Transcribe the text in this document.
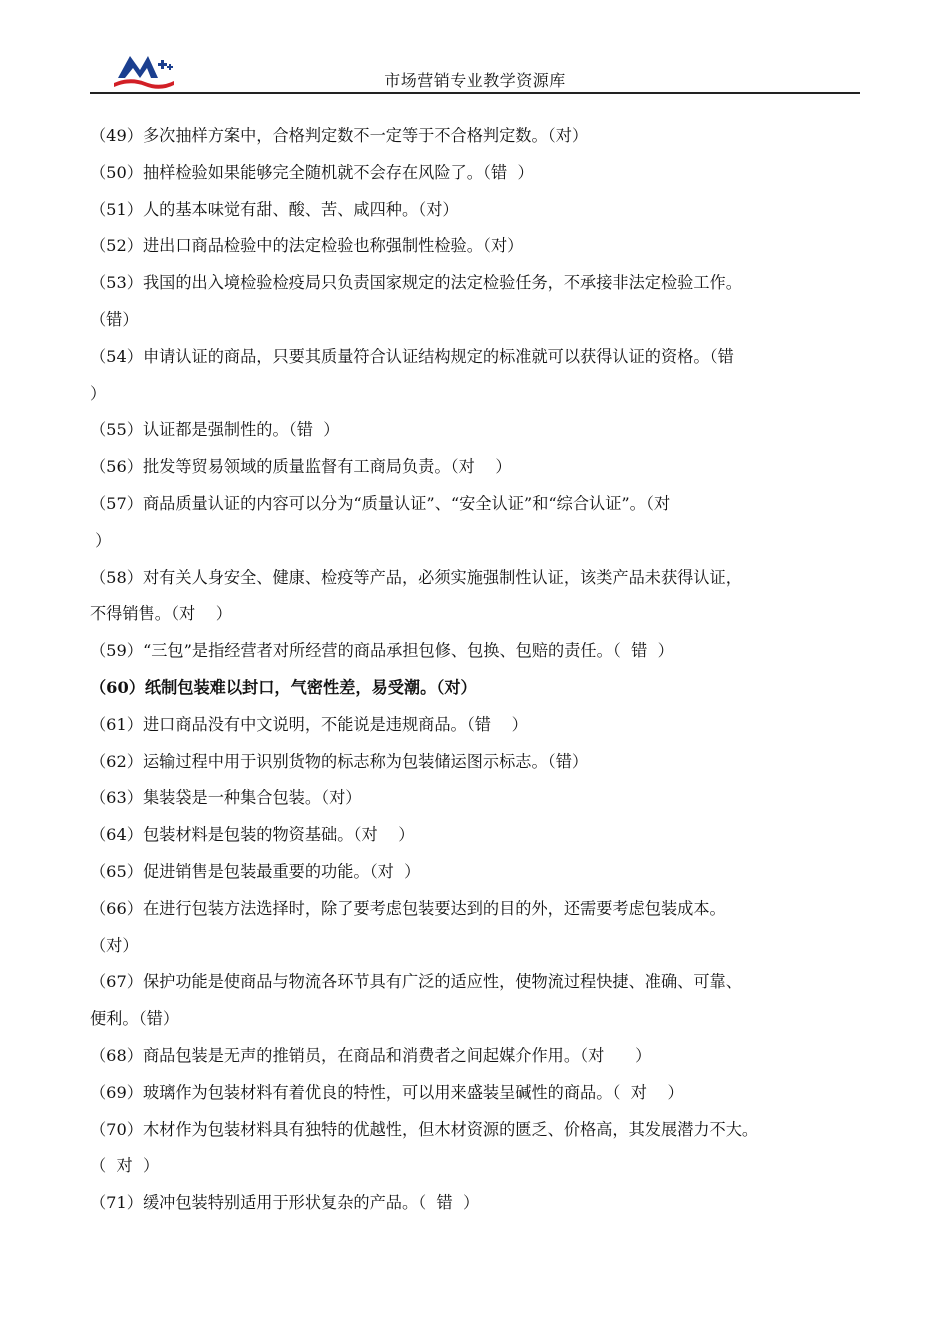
市场营销专业教学资源库
（49）多次抽样方案中，合格判定数不一定等于不合格判定数。（对）
（50）抽样检验如果能够完全随机就不会存在风险了。（错  ）
（51）人的基本味觉有甜、酸、苦、咸四种。（对）
（52）进出口商品检验中的法定检验也称强制性检验。（对）
（53）我国的出入境检验检疫局只负责国家规定的法定检验任务，不承接非法定检验工作。
（错）
（54）申请认证的商品，只要其质量符合认证结构规定的标准就可以获得认证的资格。（错
）
（55）认证都是强制性的。（错  ）
（56）批发等贸易领域的质量监督有工商局负责。（对    ）
（57）商品质量认证的内容可以分为“质量认证”、“安全认证”和“综合认证”。（对
）
（58）对有关人身安全、健康、检疫等产品，必须实施强制性认证，该类产品未获得认证，
不得销售。（对    ）
（59）“三包”是指经营者对所经营的商品承担包修、包换、包赔的责任。（  错  ）
（60）纸制包装难以封口，气密性差，易受潮。（对）
（61）进口商品没有中文说明，不能说是违规商品。（错    ）
（62）运输过程中用于识别货物的标志称为包装储运图示标志。（错）
（63）集装袋是一种集合包装。（对）
（64）包装材料是包装的物资基础。（对    ）
（65）促进销售是包装最重要的功能。（对  ）
（66）在进行包装方法选择时，除了要考虑包装要达到的目的外，还需要考虑包装成本。
（对）
（67）保护功能是使商品与物流各环节具有广泛的适应性，使物流过程快捷、准确、可靠、
便利。（错）
（68）商品包装是无声的推销员，在商品和消费者之间起媒介作用。（对      ）
（69）玻璃作为包装材料有着优良的特性，可以用来盛装呈碱性的商品。（  对    ）
（70）木材作为包装材料具有独特的优越性，但木材资源的匮乏、价格高，其发展潜力不大。
（  对  ）
（71）缓冲包装特别适用于形状复杂的产品。（  错  ）
